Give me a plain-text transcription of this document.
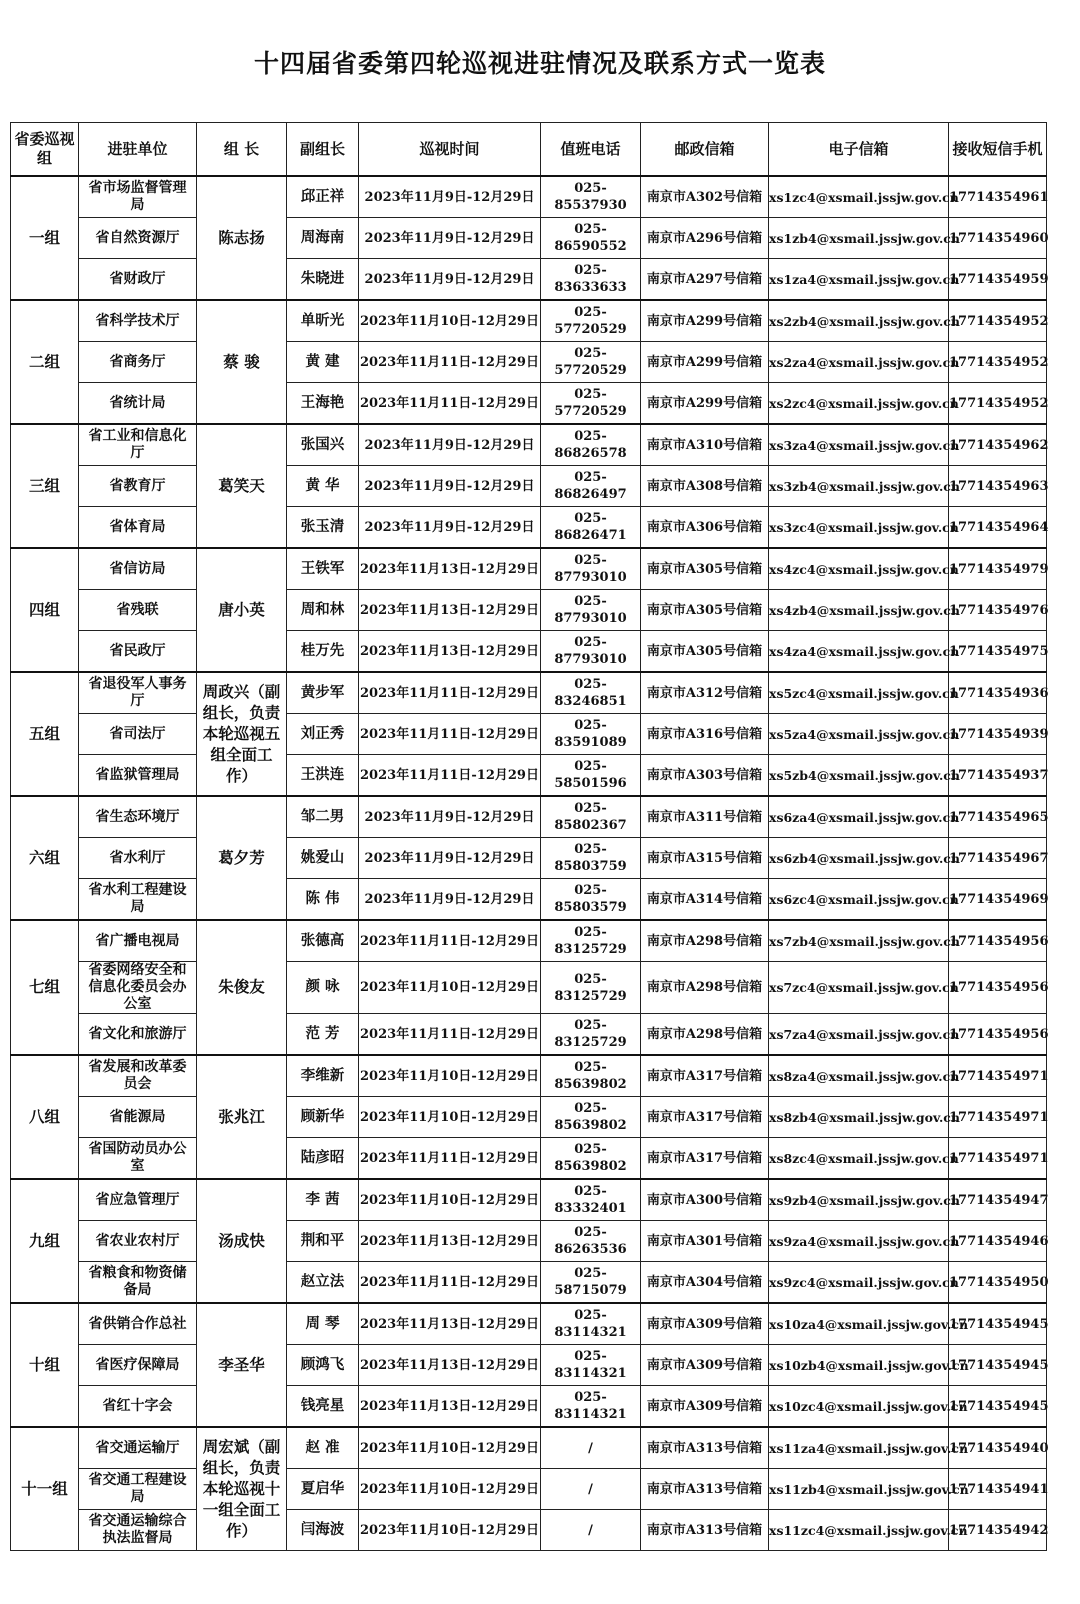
十四届省委第四轮巡视进驻情况及联系方式一览表
省委巡视组	进驻单位	组 长	副组长	巡视时间	值班电话	邮政信箱	电子信箱	接收短信手机
一组	省市场监督管理局	陈志扬	邱正祥	2023年11月9日-12月29日	025-85537930	南京市A302号信箱	xs1zc4@xsmail.jssjw.gov.cn	17714354961
	省自然资源厅		周海南	2023年11月9日-12月29日	025-86590552	南京市A296号信箱	xs1zb4@xsmail.jssjw.gov.cn	17714354960
	省财政厅		朱晓进	2023年11月9日-12月29日	025-83633633	南京市A297号信箱	xs1za4@xsmail.jssjw.gov.cn	17714354959
二组	省科学技术厅	蔡 骏	单昕光	2023年11月10日-12月29日	025-57720529	南京市A299号信箱	xs2zb4@xsmail.jssjw.gov.cn	17714354952
	省商务厅		黄 建	2023年11月11日-12月29日	025-57720529	南京市A299号信箱	xs2za4@xsmail.jssjw.gov.cn	17714354952
	省统计局		王海艳	2023年11月11日-12月29日	025-57720529	南京市A299号信箱	xs2zc4@xsmail.jssjw.gov.cn	17714354952
三组	省工业和信息化厅	葛笑天	张国兴	2023年11月9日-12月29日	025-86826578	南京市A310号信箱	xs3za4@xsmail.jssjw.gov.cn	17714354962
	省教育厅		黄 华	2023年11月9日-12月29日	025-86826497	南京市A308号信箱	xs3zb4@xsmail.jssjw.gov.cn	17714354963
	省体育局		张玉清	2023年11月9日-12月29日	025-86826471	南京市A306号信箱	xs3zc4@xsmail.jssjw.gov.cn	17714354964
四组	省信访局	唐小英	王铁军	2023年11月13日-12月29日	025-87793010	南京市A305号信箱	xs4zc4@xsmail.jssjw.gov.cn	17714354979
	省残联		周和林	2023年11月13日-12月29日	025-87793010	南京市A305号信箱	xs4zb4@xsmail.jssjw.gov.cn	17714354976
	省民政厅		桂万先	2023年11月13日-12月29日	025-87793010	南京市A305号信箱	xs4za4@xsmail.jssjw.gov.cn	17714354975
五组	省退役军人事务厅	周政兴（副组长，负责本轮巡视五组全面工作）	黄步军	2023年11月11日-12月29日	025-83246851	南京市A312号信箱	xs5zc4@xsmail.jssjw.gov.cn	17714354936
	省司法厅		刘正秀	2023年11月11日-12月29日	025-83591089	南京市A316号信箱	xs5za4@xsmail.jssjw.gov.cn	17714354939
	省监狱管理局		王洪连	2023年11月11日-12月29日	025-58501596	南京市A303号信箱	xs5zb4@xsmail.jssjw.gov.cn	17714354937
六组	省生态环境厅	葛夕芳	邹二男	2023年11月9日-12月29日	025-85802367	南京市A311号信箱	xs6za4@xsmail.jssjw.gov.cn	17714354965
	省水利厅		姚爱山	2023年11月9日-12月29日	025-85803759	南京市A315号信箱	xs6zb4@xsmail.jssjw.gov.cn	17714354967
	省水利工程建设局		陈 伟	2023年11月9日-12月29日	025-85803579	南京市A314号信箱	xs6zc4@xsmail.jssjw.gov.cn	17714354969
七组	省广播电视局	朱俊友	张德高	2023年11月11日-12月29日	025-83125729	南京市A298号信箱	xs7zb4@xsmail.jssjw.gov.cn	17714354956
	省委网络安全和信息化委员会办公室		颜 咏	2023年11月10日-12月29日	025-83125729	南京市A298号信箱	xs7zc4@xsmail.jssjw.gov.cn	17714354956
	省文化和旅游厅		范 芳	2023年11月11日-12月29日	025-83125729	南京市A298号信箱	xs7za4@xsmail.jssjw.gov.cn	17714354956
八组	省发展和改革委员会	张兆江	李维新	2023年11月10日-12月29日	025-85639802	南京市A317号信箱	xs8za4@xsmail.jssjw.gov.cn	17714354971
	省能源局		顾新华	2023年11月10日-12月29日	025-85639802	南京市A317号信箱	xs8zb4@xsmail.jssjw.gov.cn	17714354971
	省国防动员办公室		陆彦昭	2023年11月11日-12月29日	025-85639802	南京市A317号信箱	xs8zc4@xsmail.jssjw.gov.cn	17714354971
九组	省应急管理厅	汤成快	李 茜	2023年11月10日-12月29日	025-83332401	南京市A300号信箱	xs9zb4@xsmail.jssjw.gov.cn	17714354947
	省农业农村厅		荆和平	2023年11月13日-12月29日	025-86263536	南京市A301号信箱	xs9za4@xsmail.jssjw.gov.cn	17714354946
	省粮食和物资储备局		赵立法	2023年11月11日-12月29日	025-58715079	南京市A304号信箱	xs9zc4@xsmail.jssjw.gov.cn	17714354950
十组	省供销合作总社	李圣华	周 琴	2023年11月13日-12月29日	025-83114321	南京市A309号信箱	xs10za4@xsmail.jssjw.gov.cn	17714354945
	省医疗保障局		顾鸿飞	2023年11月13日-12月29日	025-83114321	南京市A309号信箱	xs10zb4@xsmail.jssjw.gov.cn	17714354945
	省红十字会		钱亮星	2023年11月13日-12月29日	025-83114321	南京市A309号信箱	xs10zc4@xsmail.jssjw.gov.cn	17714354945
十一组	省交通运输厅	周宏斌（副组长，负责本轮巡视十一组全面工作）	赵 准	2023年11月10日-12月29日	/	南京市A313号信箱	xs11za4@xsmail.jssjw.gov.cn	17714354940
	省交通工程建设局		夏启华	2023年11月10日-12月29日	/	南京市A313号信箱	xs11zb4@xsmail.jssjw.gov.cn	17714354941
	省交通运输综合执法监督局		闫海波	2023年11月10日-12月29日	/	南京市A313号信箱	xs11zc4@xsmail.jssjw.gov.cn	17714354942
